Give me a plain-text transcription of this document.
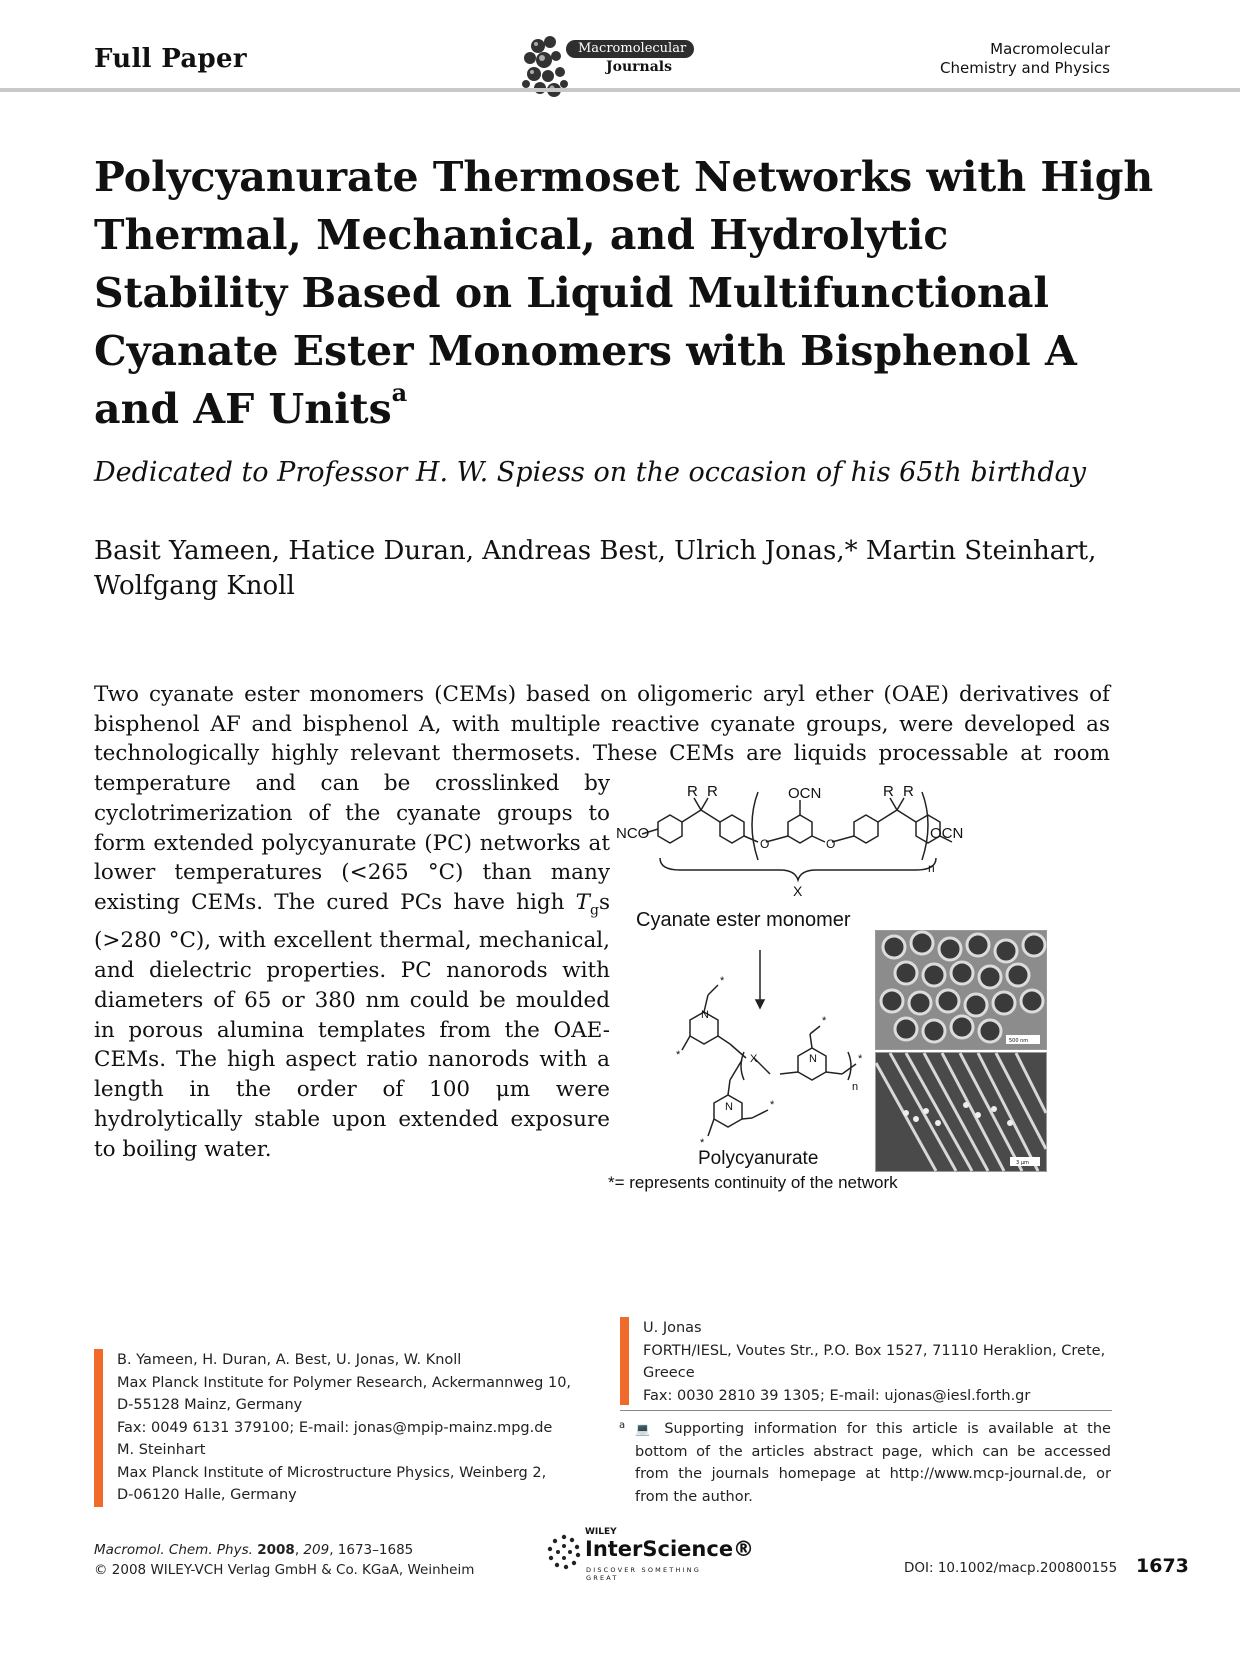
Full Paper	Macromolecular
Journals
Macromolecular
Chemistry and Physics
Polycyanurate Thermoset Networks with High Thermal, Mechanical, and Hydrolytic Stability Based on Liquid Multifunctional Cyanate Ester Monomers with Bisphenol A and AF Units$^a$
Dedicated to Professor H. W. Spiess on the occasion of his 65th birthday
Basit Yameen, Hatice Duran, Andreas Best, Ulrich Jonas,* Martin Steinhart,
Wolfgang Knoll

Two cyanate ester monomers (CEMs) based on oligomeric aryl ether (OAE) derivatives of

bisphenol AF and bisphenol A, with multiple reactive cyanate groups, were developed as

technologically highly relevant thermosets. These CEMs are liquids processable at room

temperature and can be crosslinked by cyclotrimerization of the cyanate groups to form extended polycyanurate (PC) networks at lower temperatures (<265 °C) than many existing CEMs. The cured PCs have high $T_gs$ (>280 °C), with excellent thermal, mechanical, and dielectric properties. PC nanorods with diameters of 65 or 380 nm could be moulded in porous alumina templates from the OAE-CEMs. The high aspect ratio nanorods with a length in the order of 100 μm were hydrolytically stable upon extended exposure to boiling water.
NCO
R R	R R
OCN
OCN
n
X
O	O
Cyanate ester monomer
N
*
*	X
*
*
n
N
N
*
*
Polycyanurate
*= represents continuity of the network
500 nm
3 μm
B. Yameen, H. Duran, A. Best, U. Jonas, W. Knoll
Max Planck Institute for Polymer Research, Ackermannweg 10,
D-55128 Mainz, Germany
Fax: 0049 6131 379100; E-mail: jonas@mpip-mainz.mpg.de
M. Steinhart
Max Planck Institute of Microstructure Physics, Weinberg 2,
D-06120 Halle, Germany
U. Jonas
FORTH/IESL, Voutes Str., P.O. Box 1527, 71110 Heraklion, Crete,
Greece
Fax: 0030 2810 39 1305; E-mail: ujonas@iesl.forth.gr
a 💻 Supporting information for this article is available at the bottom of the articles abstract page, which can be accessed from the journals homepage at http://www.mcp-journal.de, or from the author.
Macromol. Chem. Phys. 2008, 209, 1673–1685
© 2008 WILEY-VCH Verlag GmbH & Co. KGaA, Weinheim
WILEY
InterScience®
DISCOVER SOMETHING GREAT
DOI: 10.1002/macp.200800155 1673
